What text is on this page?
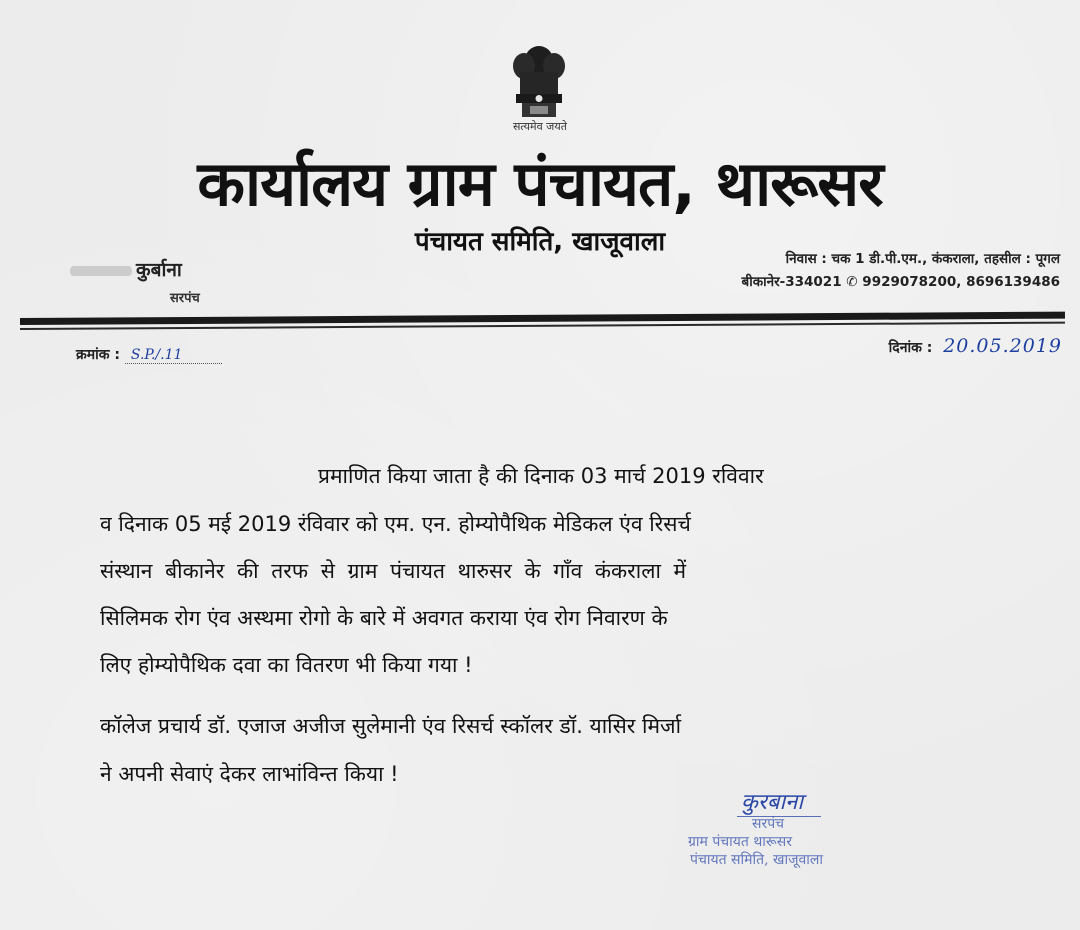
सत्यमेव जयते
कार्यालय ग्राम पंचायत, थारूसर
पंचायत समिति, खाजूवाला
कुर्बाना
सरपंच
निवास : चक 1 डी.पी.एम., कंकराला, तहसील : पूगल
बीकानेर-334021 ✆ 9929078200, 8696139486
क्रमांक : S.P./.11	दिनांक : 20.05.2019
प्रमाणित किया जाता है की दिनाक 03 मार्च 2019 रविवार
व दिनाक 05 मई 2019 रंविवार को एम. एन. होम्योपैथिक मेडिकल एंव रिसर्च
संस्थान बीकानेर की तरफ से ग्राम पंचायत थारुसर के गाँव कंकराला में
सिलिमक रोग एंव अस्थमा रोगो के बारे में अवगत कराया एंव रोग निवारण के
लिए होम्योपैथिक दवा का वितरण भी किया गया !
कॉलेज प्रचार्य डॉ. एजाज अजीज सुलेमानी एंव रिसर्च स्कॉलर डॉ. यासिर मिर्जा
ने अपनी सेवाएं देकर लाभांविन्त किया !
कुरबाना
सरपंच
ग्राम पंचायत थारूसर
पंचायत समिति, खाजूवाला
